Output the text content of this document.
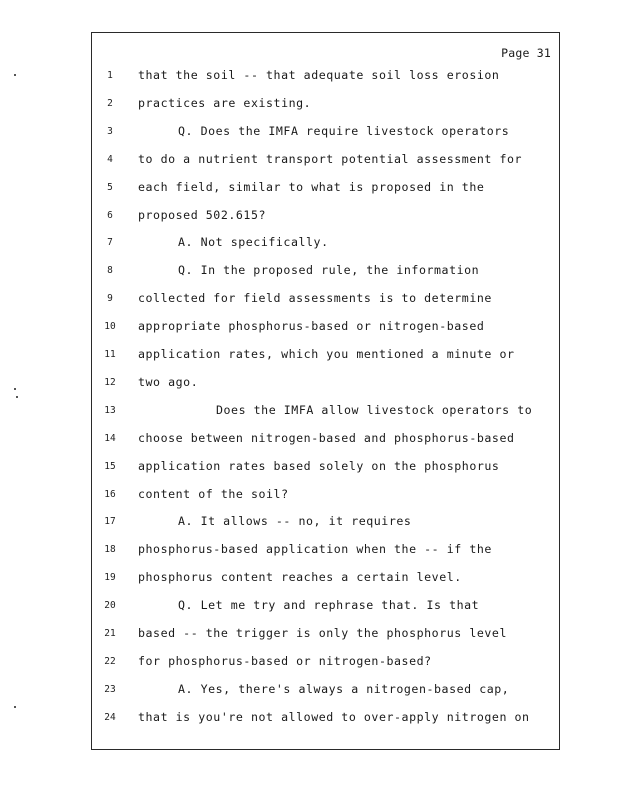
Page 31
1	that the soil -- that adequate soil loss erosion
2	practices are existing.
3	Q. Does the IMFA require livestock operators
4	to do a nutrient transport potential assessment for
5	each field, similar to what is proposed in the
6	proposed 502.615?
7	A. Not specifically.
8	Q. In the proposed rule, the information
9	collected for field assessments is to determine
10	appropriate phosphorus-based or nitrogen-based
11	application rates, which you mentioned a minute or
12	two ago.
13	Does the IMFA allow livestock operators to
14	choose between nitrogen-based and phosphorus-based
15	application rates based solely on the phosphorus
16	content of the soil?
17	A. It allows -- no, it requires
18	phosphorus-based application when the -- if the
19	phosphorus content reaches a certain level.
20	Q. Let me try and rephrase that. Is that
21	based -- the trigger is only the phosphorus level
22	for phosphorus-based or nitrogen-based?
23	A. Yes, there's always a nitrogen-based cap,
24	that is you're not allowed to over-apply nitrogen on
